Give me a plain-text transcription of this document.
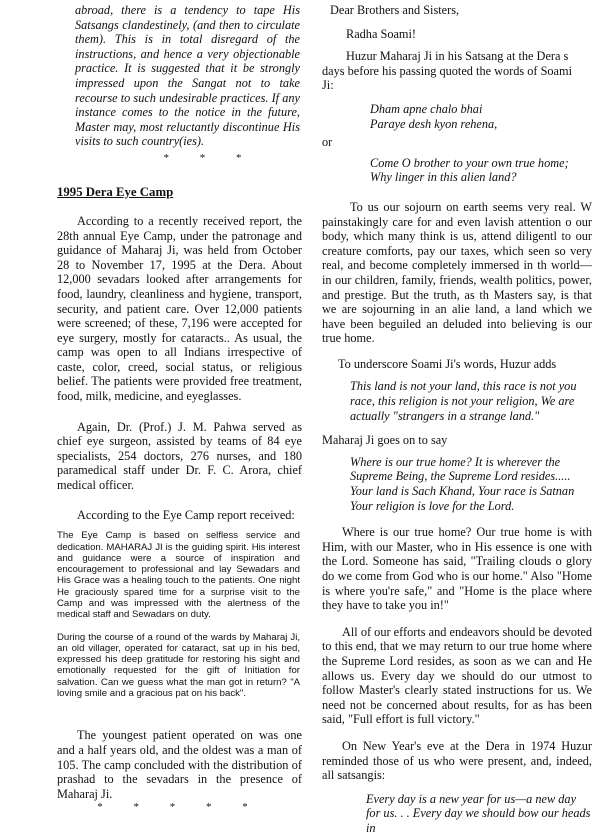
abroad, there is a tendency to tape His Satsangs clandestinely, (and then to circulate them). This is in total disregard of the instructions, and hence a very objectionable practice. It is suggested that it be strongly impressed upon the Sangat not to take recourse to such undesirable practices. If any instance comes to the notice in the future, Master may, most reluctantly discontinue His visits to such country(ies).

* * *

1995 Dera Eye Camp

According to a recently received report, the 28th annual Eye Camp, under the patronage and guidance of Maharaj Ji, was held from October 28 to November 17, 1995 at the Dera. About 12,000 sevadars looked after arrangements for food, laundry, cleanliness and hygiene, transport, security, and patient care. Over 12,000 patients were screened; of these, 7,196 were accepted for eye surgery, mostly for cataracts.. As usual, the camp was open to all Indians irrespective of caste, color, creed, social status, or religious belief. The patients were provided free treatment, food, milk, medicine, and eyeglasses.

Again, Dr. (Prof.) J. M. Pahwa served as chief eye surgeon, assisted by teams of 84 eye specialists, 254 doctors, 276 nurses, and 180 paramedical staff under Dr. F. C. Arora, chief medical officer.

According to the Eye Camp report received:

The Eye Camp is based on selfless service and dedication. MAHARAJ JI is the guiding spirit. His interest and guidance were a source of inspiration and encouragement to professional and lay Sewadars and His Grace was a healing touch to the patients. One night He graciously spared time for a surprise visit to the Camp and was impressed with the alertness of the medical staff and Sewadars on duty.

During the course of a round of the wards by Maharaj Ji, an old villager, operated for cataract, sat up in his bed, expressed his deep gratitude for restoring his sight and emotionally requested for the gift of Initiation for salvation. Can we guess what the man got in return? "A loving smile and a gracious pat on his back".

The youngest patient operated on was one and a half years old, and the oldest was a man of 105. The camp concluded with the distribution of prashad to the sevadars in the presence of Maharaj Ji.

* * * * *

Dear Brothers and Sisters,

Radha Soami!

Huzur Maharaj Ji in his Satsang at the Dera s days before his passing quoted the words of Soami Ji:

Dham apne chalo bhai

Paraye desh kyon rehena,

or

Come O brother to your own true home;

Why linger in this alien land?

To us our sojourn on earth seems very real. W painstakingly care for and even lavish attention o our body, which many think is us, attend diligentl to our creature comforts, pay our taxes, which seen so very real, and become completely immersed in th world—in our children, family, friends, wealth politics, power, and prestige. But the truth, as th Masters say, is that we are sojourning in an alie land, a land which we have been beguiled an deluded into believing is our true home.

To underscore Soami Ji's words, Huzur adds

This land is not your land, this race is not you race, this religion is not your religion, We are actually "strangers in a strange land."

Maharaj Ji goes on to say

Where is our true home? It is wherever the Supreme Being, the Supreme Lord resides..... Your land is Sach Khand, Your race is Satnan Your religion is love for the Lord.

Where is our true home? Our true home is with Him, with our Master, who in His essence is one with the Lord. Someone has said, "Trailing clouds o glory do we come from God who is our home." Also "Home is where you're safe," and "Home is the place where they have to take you in!"

All of our efforts and endeavors should be devoted to this end, that we may return to our true home where the Supreme Lord resides, as soon as we can and He allows us. Every day we should do our utmost to follow Master's clearly stated instructions for us. We need not be concerned about results, for as has been said, "Full effort is full victory."

On New Year's eve at the Dera in 1974 Huzur reminded those of us who were present, and, indeed, all satsangis:

Every day is a new year for us—a new day for us. . . Every day we should bow our heads in
